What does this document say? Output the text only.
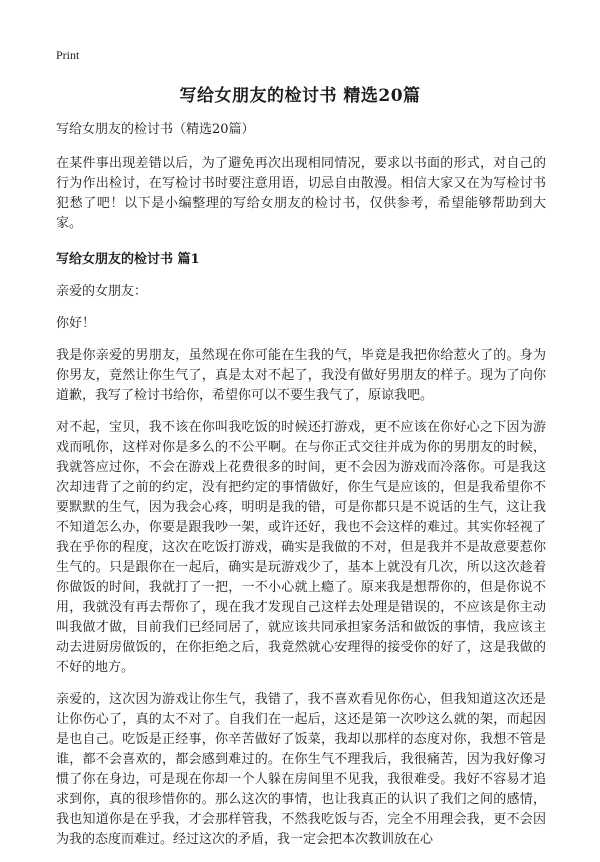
Print
写给女朋友的检讨书 精选20篇

写给女朋友的检讨书（精选20篇）

在某件事出现差错以后，为了避免再次出现相同情况，要求以书面的形式，对自己的行为作出检讨，在写检讨书时要注意用语，切忌自由散漫。相信大家又在为写检讨书犯愁了吧！以下是小编整理的写给女朋友的检讨书，仅供参考，希望能够帮助到大家。

写给女朋友的检讨书 篇1

亲爱的女朋友：

你好！

我是你亲爱的男朋友，虽然现在你可能在生我的气，毕竟是我把你给惹火了的。身为你男友，竟然让你生气了，真是太对不起了，我没有做好男朋友的样子。现为了向你道歉，我写了检讨书给你，希望你可以不要生我气了，原谅我吧。

对不起，宝贝，我不该在你叫我吃饭的时候还打游戏，更不应该在你好心之下因为游戏而吼你，这样对你是多么的不公平啊。在与你正式交往并成为你的男朋友的时候，我就答应过你，不会在游戏上花费很多的时间，更不会因为游戏而冷落你。可是我这次却违背了之前的约定，没有把约定的事情做好，你生气是应该的，但是我希望你不要默默的生气，因为我会心疼，明明是我的错，可是你都只是不说话的生气，这让我不知道怎么办，你要是跟我吵一架，或许还好，我也不会这样的难过。其实你轻视了我在乎你的程度，这次在吃饭打游戏，确实是我做的不对，但是我并不是故意要惹你生气的。只是跟你在一起后，确实是玩游戏少了，基本上就没有几次，所以这次趁着你做饭的时间，我就打了一把，一不小心就上瘾了。原来我是想帮你的，但是你说不用，我就没有再去帮你了，现在我才发现自己这样去处理是错误的，不应该是你主动叫我做才做，目前我们已经同居了，就应该共同承担家务活和做饭的事情，我应该主动去进厨房做饭的，在你拒绝之后，我竟然就心安理得的接受你的好了，这是我做的不好的地方。

亲爱的，这次因为游戏让你生气，我错了，我不喜欢看见你伤心，但我知道这次还是让你伤心了，真的太不对了。自我们在一起后，这还是第一次吵这么就的架，而起因是也自己。吃饭是正经事，你辛苦做好了饭菜，我却以那样的态度对你，我想不管是谁，都不会喜欢的，都会感到难过的。在你生气不理我后，我很痛苦，因为我好像习惯了你在身边，可是现在你却一个人躲在房间里不见我，我很难受。我好不容易才追求到你，真的很珍惜你的。那么这次的事情，也让我真正的认识了我们之间的感情，我也知道你是在乎我，才会那样管我，不然我吃饭与否，完全不用理会我，更不会因为我的态度而难过。经过这次的矛盾，我一定会把本次教训放在心
